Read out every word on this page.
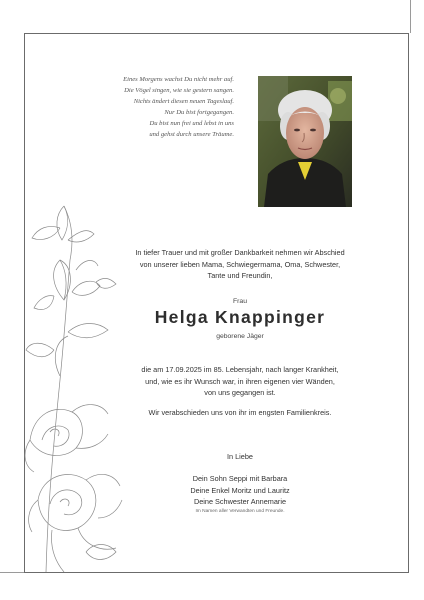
Eines Morgens wachst Du nicht mehr auf.
Die Vögel singen, wie sie gestern sangen.
Nichts ändert diesen neuen Tageslauf.
Nur Du bist fortgegangen.
Du bist nun frei und lebst in uns
und gehst durch unsere Träume.
In tiefer Trauer und mit großer Dankbarkeit nehmen wir Abschied
von unserer lieben Mama, Schwiegermama, Oma, Schwester,
Tante und Freundin,
Frau
Helga Knappinger
geborene Jäger
die am 17.09.2025 im 85. Lebensjahr, nach langer Krankheit,
und, wie es ihr Wunsch war, in ihren eigenen vier Wänden,
von uns gegangen ist.
Wir verabschieden uns von ihr im engsten Familienkreis.
In Liebe
Dein Sohn Seppi mit Barbara
Deine Enkel Moritz und Lauritz
Deine Schwester Annemarie
Im Namen aller Verwandten und Freunde.
